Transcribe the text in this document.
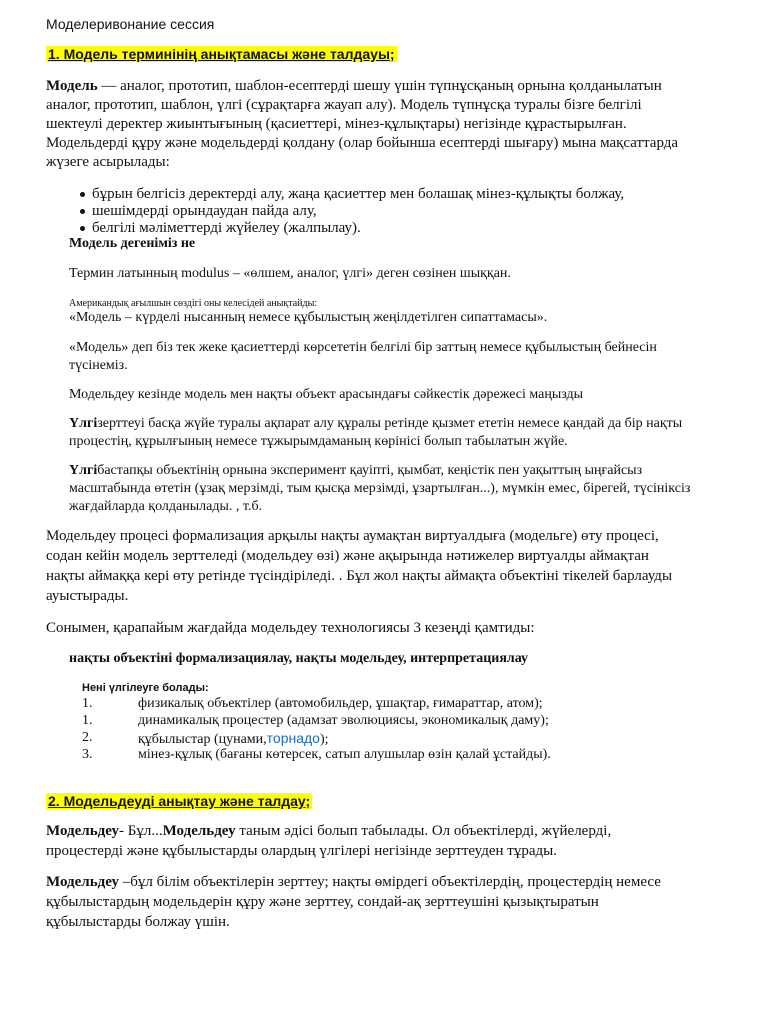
Моделеривонание сессия
1. Модель терминінің анықтамасы және талдауы;
Модель — аналог, прототип, шаблон-есептерді шешу үшін түпнұсқаның орнына қолданылатын
аналог, прототип, шаблон, үлгі (сұрақтарға жауап алу). Модель түпнұсқа туралы бізге белгілі
шектеулі деректер жиынтығының (қасиеттері, мінез-құлықтары) негізінде құрастырылған.
Модельдерді құру және модельдерді қолдану (олар бойынша есептерді шығару) мына мақсаттарда
жүзеге асырылады:
бұрын белгісіз деректерді алу, жаңа қасиеттер мен болашақ мінез-құлықты болжау,
шешімдерді орындаудан пайда алу,
белгілі мәліметтерді жүйелеу (жалпылау).
Модель дегеніміз не
Термин латынның modulus – «өлшем, аналог, үлгі» деген сөзінен шыққан.
Американдық ағылшын сөздігі оны келесідей анықтайды:
«Модель – күрделі нысанның немесе құбылыстың жеңілдетілген сипаттамасы».
«Модель» деп біз тек жеке қасиеттерді көрсететін белгілі бір заттың немесе құбылыстың бейнесін
түсінеміз.
Модельдеу кезінде модель мен нақты объект арасындағы сәйкестік дәрежесі маңызды
Үлгізерттеуі басқа жүйе туралы ақпарат алу құралы ретінде қызмет ететін немесе қандай да бір нақты
процестің, құрылғының немесе тұжырымдаманың көрінісі болып табылатын жүйе.
Үлгібастапқы объектінің орнына эксперимент қауіпті, қымбат, кеңістік пен уақыттың ыңғайсыз
масштабында өтетін (ұзақ мерзімді, тым қысқа мерзімді, ұзартылған...), мүмкін емес, бірегей, түсініксіз
жағдайларда қолданылады. , т.б.
Модельдеу процесі формализация арқылы нақты аумақтан виртуалдыға (модельге) өту процесі,
содан кейін модель зерттеледі (модельдеу өзі) және ақырында нәтижелер виртуалды аймақтан
нақты аймаққа кері өту ретінде түсіндіріледі. . Бұл жол нақты аймақта объектіні тікелей барлауды
ауыстырады.
Сонымен, қарапайым жағдайда модельдеу технологиясы 3 кезеңді қамтиды:
нақты объектіні формализациялау, нақты модельдеу, интерпретациялау
Нені үлгілеуге болады:
1.	физикалық объектілер (автомобильдер, ұшақтар, ғимараттар, атом);
1.	динамикалық процестер (адамзат эволюциясы, экономикалық даму);
2.	құбылыстар (цунами,торнадо);
3.	мінез-құлық (бағаны көтерсек, сатып алушылар өзін қалай ұстайды).
2. Модельдеуді анықтау және талдау;
Модельдеу- Бұл...Модельдеу таным әдісі болып табылады. Ол объектілерді, жүйелерді,
процестерді және құбылыстарды олардың үлгілері негізінде зерттеуден тұрады.
Модельдеу –бұл білім объектілерін зерттеу; нақты өмірдегі объектілердің, процестердің немесе
құбылыстардың модельдерін құру және зерттеу, сондай-ақ зерттеушіні қызықтыратын
құбылыстарды болжау үшін.
